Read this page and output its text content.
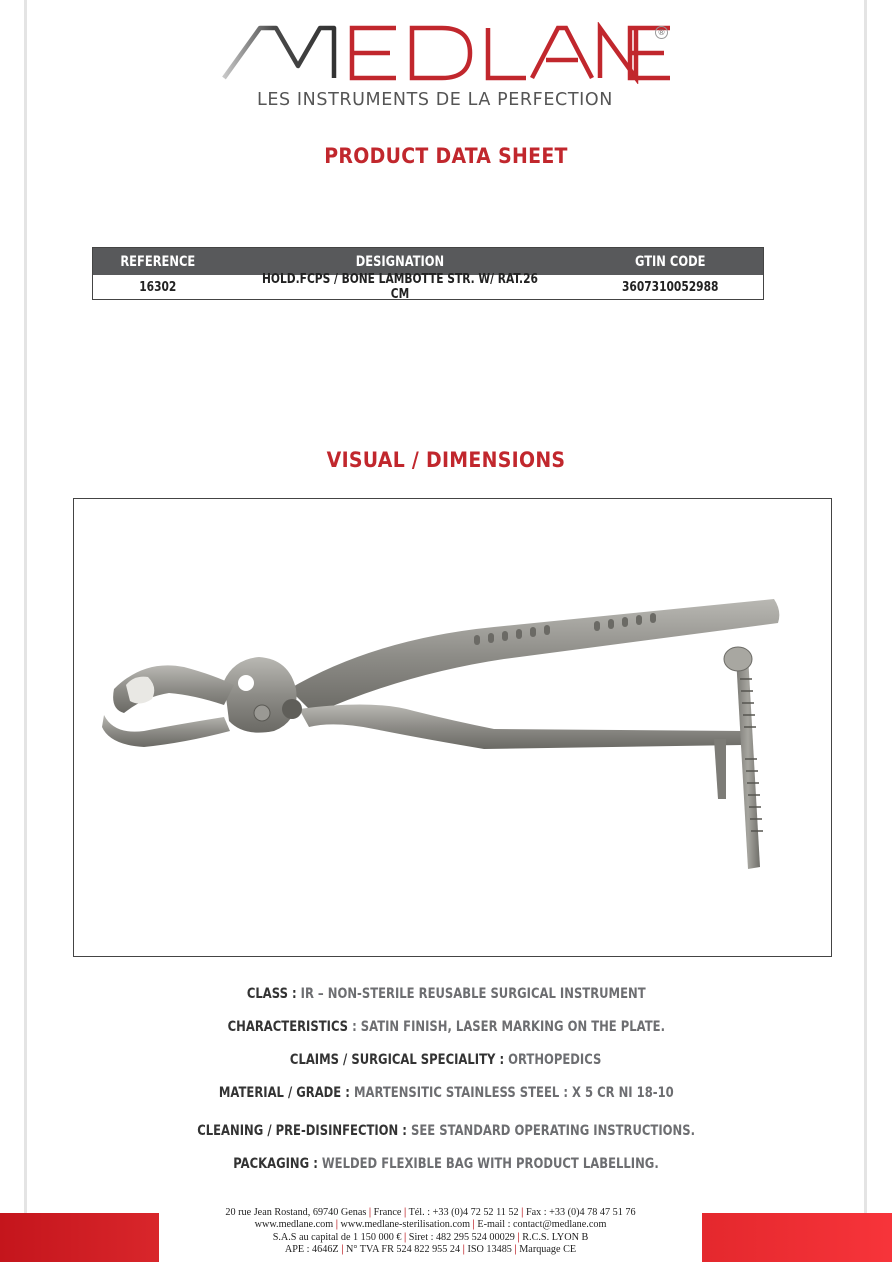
®
LES INSTRUMENTS DE LA PERFECTION
PRODUCT DATA SHEET
REFERENCE	DESIGNATION	GTIN CODE
16302	HOLD.FCPS / BONE LAMBOTTE STR. W/ RAT.26 CM	3607310052988
VISUAL / DIMENSIONS
CLASS : IR – NON-STERILE REUSABLE SURGICAL INSTRUMENT
CHARACTERISTICS : SATIN FINISH, LASER MARKING ON THE PLATE.
CLAIMS / SURGICAL SPECIALITY : ORTHOPEDICS
MATERIAL / GRADE : MARTENSITIC STAINLESS STEEL : X 5 CR NI 18-10
CLEANING / PRE-DISINFECTION : SEE STANDARD OPERATING INSTRUCTIONS.
PACKAGING : WELDED FLEXIBLE BAG WITH PRODUCT LABELLING.
20 rue Jean Rostand, 69740 Genas | France | Tél. : +33 (0)4 72 52 11 52 | Fax : +33 (0)4 78 47 51 76
www.medlane.com | www.medlane-sterilisation.com | E-mail : contact@medlane.com
S.A.S au capital de 1 150 000 € | Siret : 482 295 524 00029 | R.C.S. LYON B
APE : 4646Z | N° TVA FR 524 822 955 24 | ISO 13485 | Marquage CE
